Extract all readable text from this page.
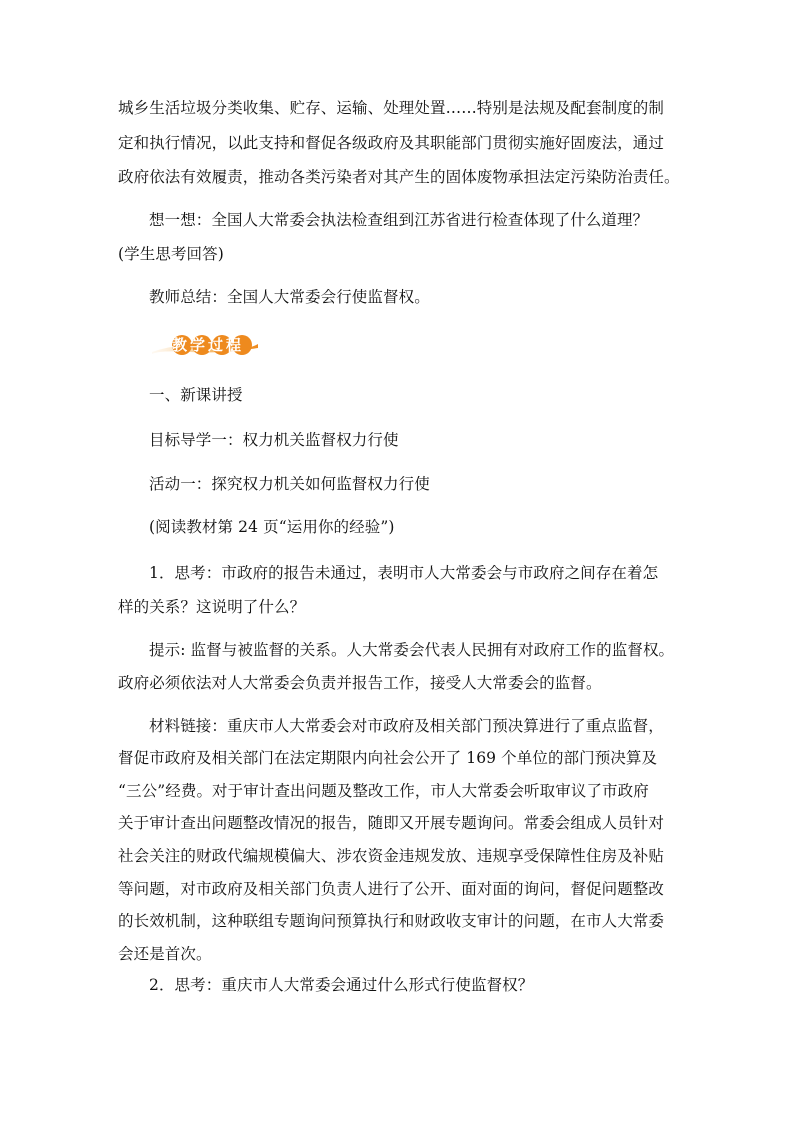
城乡生活垃圾分类收集、贮存、运输、处理处置……特别是法规及配套制度的制
定和执行情况，以此支持和督促各级政府及其职能部门贯彻实施好固废法，通过
政府依法有效履责，推动各类污染者对其产生的固体废物承担法定污染防治责任。
想一想：全国人大常委会执法检查组到江苏省进行检查体现了什么道理？
(学生思考回答)
教师总结：全国人大常委会行使监督权。
教学过程
一、新课讲授
目标导学一：权力机关监督权力行使
活动一：探究权力机关如何监督权力行使
(阅读教材第 24 页“运用你的经验”)
1．思考：市政府的报告未通过，表明市人大常委会与市政府之间存在着怎
样的关系？这说明了什么？
提示: 监督与被监督的关系。人大常委会代表人民拥有对政府工作的监督权。
政府必须依法对人大常委会负责并报告工作，接受人大常委会的监督。
材料链接：重庆市人大常委会对市政府及相关部门预决算进行了重点监督，
督促市政府及相关部门在法定期限内向社会公开了 169 个单位的部门预决算及
“三公”经费。对于审计查出问题及整改工作，市人大常委会听取审议了市政府
关于审计查出问题整改情况的报告，随即又开展专题询问。常委会组成人员针对
社会关注的财政代编规模偏大、涉农资金违规发放、违规享受保障性住房及补贴
等问题，对市政府及相关部门负责人进行了公开、面对面的询问，督促问题整改
的长效机制，这种联组专题询问预算执行和财政收支审计的问题，在市人大常委
会还是首次。
2．思考：重庆市人大常委会通过什么形式行使监督权？
